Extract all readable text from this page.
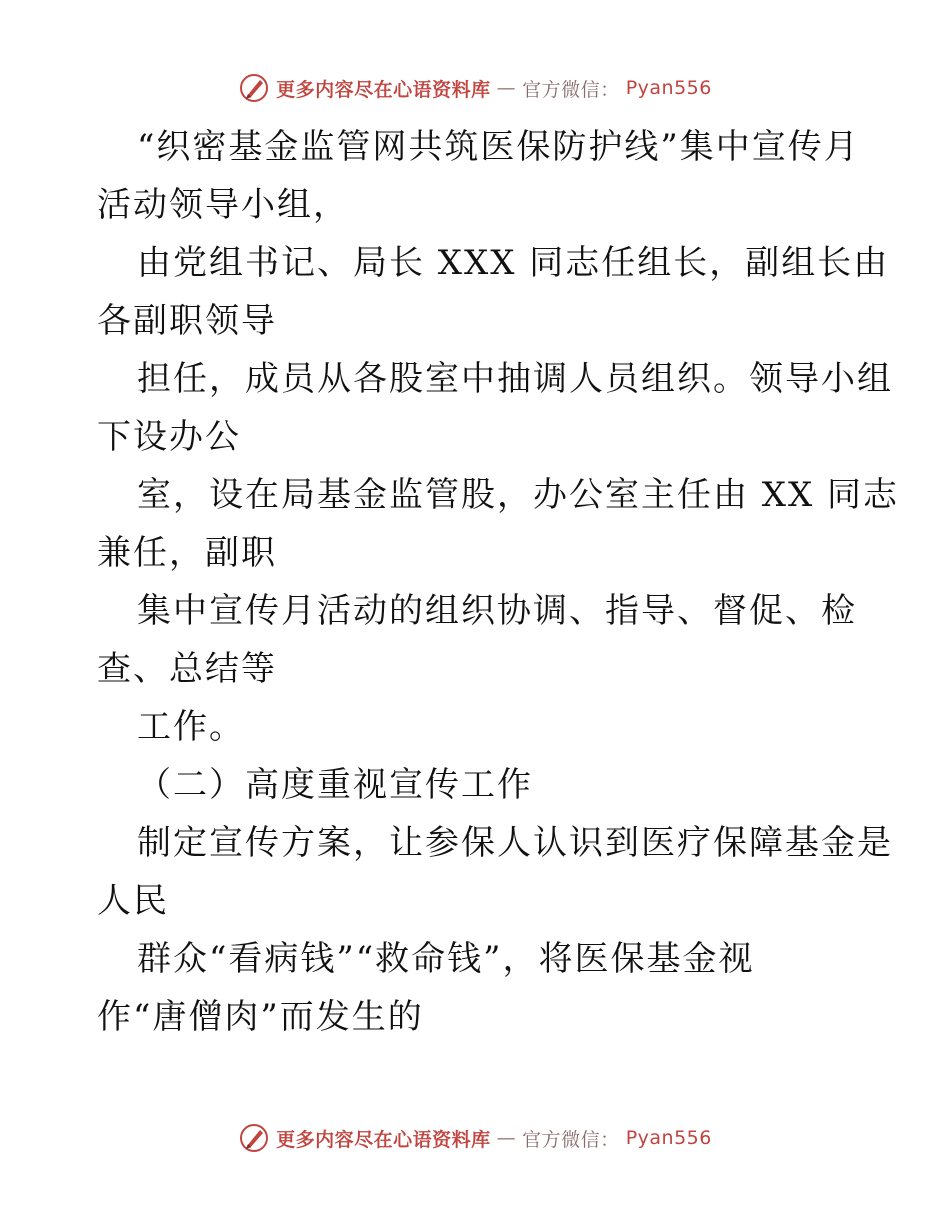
更多内容尽在心语资料库 — 官方微信： Pyan556
“织密基金监管网共筑医保防护线”集中宣传月
活动领导小组，
由党组书记、局长 XXX 同志任组长，副组长由
各副职领导
担任，成员从各股室中抽调人员组织。领导小组
下设办公
室，设在局基金监管股，办公室主任由 XX 同志
兼任，副职
集中宣传月活动的组织协调、指导、督促、检
查、总结等
工作。
（二）高度重视宣传工作
制定宣传方案，让参保人认识到医疗保障基金是
人民
群众“看病钱”“救命钱”，将医保基金视
作“唐僧肉”而发生的
更多内容尽在心语资料库 — 官方微信： Pyan556
